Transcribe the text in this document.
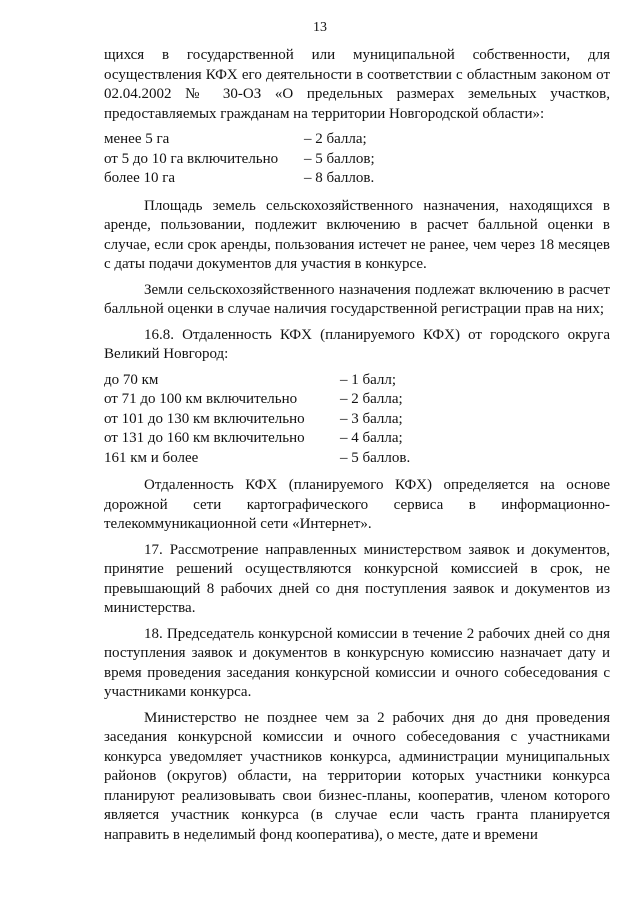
13

щихся в государственной или муниципальной собственности, для осуществления КФХ его деятельности в соответствии с областным законом от 02.04.2002 № 30-ОЗ «О предельных размерах земельных участков, предоставляемых гражданам на территории Новгородской области»:

менее 5 га	– 2 балла;
от 5 до 10 га включительно	– 5 баллов;
более 10 га	– 8 баллов.

Площадь земель сельскохозяйственного назначения, находящихся в аренде, пользовании, подлежит включению в расчет балльной оценки в случае, если срок аренды, пользования истечет не ранее, чем через 18 месяцев с даты подачи документов для участия в конкурсе.

Земли сельскохозяйственного назначения подлежат включению в расчет балльной оценки в случае наличия государственной регистрации прав на них;

16.8. Отдаленность КФХ (планируемого КФХ) от городского округа Великий Новгород:

до 70 км	– 1 балл;
от 71 до 100 км включительно	– 2 балла;
от 101 до 130 км включительно	– 3 балла;
от 131 до 160 км включительно	– 4 балла;
161 км и более	– 5 баллов.

Отдаленность КФХ (планируемого КФХ) определяется на основе дорожной сети картографического сервиса в информационно-телекоммуникационной сети «Интернет».

17. Рассмотрение направленных министерством заявок и документов, принятие решений осуществляются конкурсной комиссией в срок, не превышающий 8 рабочих дней со дня поступления заявок и документов из министерства.

18. Председатель конкурсной комиссии в течение 2 рабочих дней со дня поступления заявок и документов в конкурсную комиссию назначает дату и время проведения заседания конкурсной комиссии и очного собеседования с участниками конкурса.

Министерство не позднее чем за 2 рабочих дня до дня проведения заседания конкурсной комиссии и очного собеседования с участниками конкурса уведомляет участников конкурса, администрации муниципальных районов (округов) области, на территории которых участники конкурса планируют реализовывать свои бизнес-планы, кооператив, членом которого является участник конкурса (в случае если часть гранта планируется направить в неделимый фонд кооператива), о месте, дате и времени
